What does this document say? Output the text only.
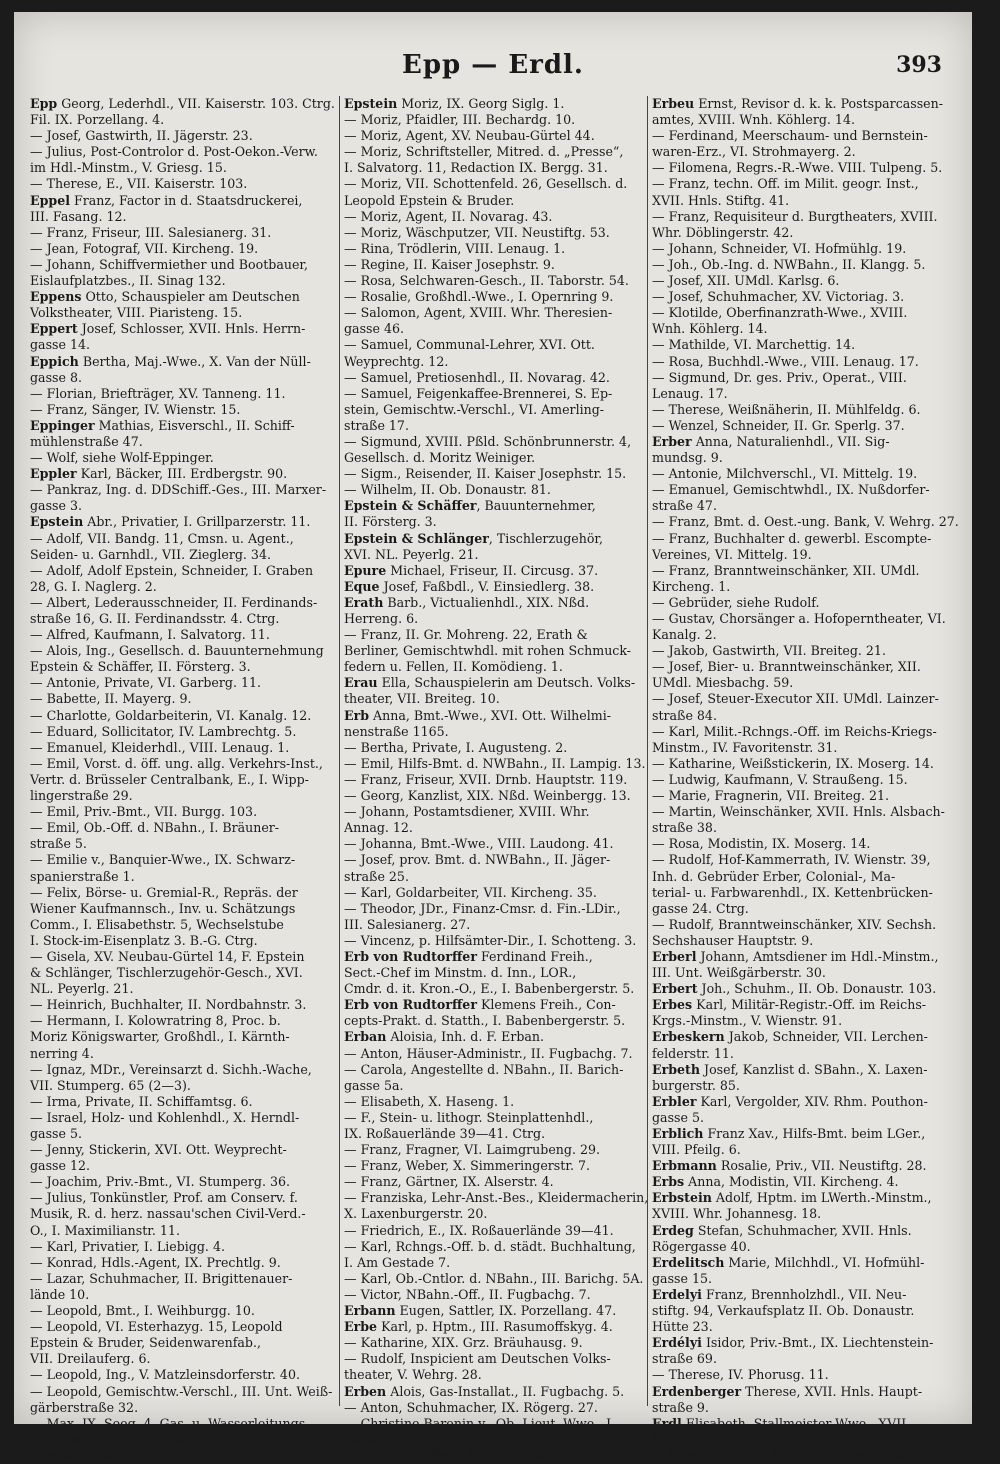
Epp — Erdl.	393
Epp Georg, Lederhdl., VII. Kaiserstr. 103. Ctrg.
Fil. IX. Porzellang. 4.
— Josef, Gastwirth, II. Jägerstr. 23.
— Julius, Post-Controlor d. Post-Oekon.-Verw.
im Hdl.-Minstm., V. Griesg. 15.
— Therese, E., VII. Kaiserstr. 103.
Eppel Franz, Factor in d. Staatsdruckerei,
III. Fasang. 12.
— Franz, Friseur, III. Salesianerg. 31.
— Jean, Fotograf, VII. Kircheng. 19.
— Johann, Schiffvermiether und Bootbauer,
Eislaufplatzbes., II. Sinag 132.
Eppens Otto, Schauspieler am Deutschen
Volkstheater, VIII. Piaristeng. 15.
Eppert Josef, Schlosser, XVII. Hnls. Herrn-
gasse 14.
Eppich Bertha, Maj.-Wwe., X. Van der Nüll-
gasse 8.
— Florian, Briefträger, XV. Tanneng. 11.
— Franz, Sänger, IV. Wienstr. 15.
Eppinger Mathias, Eisverschl., II. Schiff-
mühlenstraße 47.
— Wolf, siehe Wolf-Eppinger.
Eppler Karl, Bäcker, III. Erdbergstr. 90.
— Pankraz, Ing. d. DDSchiff.-Ges., III. Marxer-
gasse 3.
Epstein Abr., Privatier, I. Grillparzerstr. 11.
— Adolf, VII. Bandg. 11, Cmsn. u. Agent.,
Seiden- u. Garnhdl., VII. Zieglerg. 34.
— Adolf, Adolf Epstein, Schneider, I. Graben
28, G. I. Naglerg. 2.
— Albert, Lederausschneider, II. Ferdinands-
straße 16, G. II. Ferdinandsstr. 4. Ctrg.
— Alfred, Kaufmann, I. Salvatorg. 11.
— Alois, Ing., Gesellsch. d. Bauunternehmung
Epstein & Schäffer, II. Försterg. 3.
— Antonie, Private, VI. Garberg. 11.
— Babette, II. Mayerg. 9.
— Charlotte, Goldarbeiterin, VI. Kanalg. 12.
— Eduard, Sollicitator, IV. Lambrechtg. 5.
— Emanuel, Kleiderhdl., VIII. Lenaug. 1.
— Emil, Vorst. d. öff. ung. allg. Verkehrs-Inst.,
Vertr. d. Brüsseler Centralbank, E., I. Wipp-
lingerstraße 29.
— Emil, Priv.-Bmt., VII. Burgg. 103.
— Emil, Ob.-Off. d. NBahn., I. Bräuner-
straße 5.
— Emilie v., Banquier-Wwe., IX. Schwarz-
spanierstraße 1.
— Felix, Börse- u. Gremial-R., Repräs. der
Wiener Kaufmannsch., Inv. u. Schätzungs
Comm., I. Elisabethstr. 5, Wechselstube
I. Stock-im-Eisenplatz 3. B.-G. Ctrg.
— Gisela, XV. Neubau-Gürtel 14, F. Epstein
& Schlänger, Tischlerzugehör-Gesch., XVI.
NL. Peyerlg. 21.
— Heinrich, Buchhalter, II. Nordbahnstr. 3.
— Hermann, I. Kolowratring 8, Proc. b.
Moriz Königswarter, Großhdl., I. Kärnth-
nerring 4.
— Ignaz, MDr., Vereinsarzt d. Sichh.-Wache,
VII. Stumperg. 65 (2—3).
— Irma, Private, II. Schiffamtsg. 6.
— Israel, Holz- und Kohlenhdl., X. Herndl-
gasse 5.
— Jenny, Stickerin, XVI. Ott. Weyprecht-
gasse 12.
— Joachim, Priv.-Bmt., VI. Stumperg. 36.
— Julius, Tonkünstler, Prof. am Conserv. f.
Musik, R. d. herz. nassau'schen Civil-Verd.-
O., I. Maximilianstr. 11.
— Karl, Privatier, I. Liebigg. 4.
— Konrad, Hdls.-Agent, IX. Prechtlg. 9.
— Lazar, Schuhmacher, II. Brigittenauer-
lände 10.
— Leopold, Bmt., I. Weihburgg. 10.
— Leopold, VI. Esterhazyg. 15, Leopold
Epstein & Bruder, Seidenwarenfab.,
VII. Dreilauferg. 6.
— Leopold, Ing., V. Matzleinsdorferstr. 40.
— Leopold, Gemischtw.-Verschl., III. Unt. Weiß-
gärberstraße 32.
— Max, IX. Seeg. 4, Gas- u. Wasserleitungs-
Installateur, IX. Türkenstr. 4.
— Max, Tapezirer, II. Mayerg. 6.
Epstein Moriz, IX. Georg Siglg. 1.
— Moriz, Pfaidler, III. Bechardg. 10.
— Moriz, Agent, XV. Neubau-Gürtel 44.
— Moriz, Schriftsteller, Mitred. d. „Presse“,
I. Salvatorg. 11, Redaction IX. Bergg. 31.
— Moriz, VII. Schottenfeld. 26, Gesellsch. d.
Leopold Epstein & Bruder.
— Moriz, Agent, II. Novarag. 43.
— Moriz, Wäschputzer, VII. Neustiftg. 53.
— Rina, Trödlerin, VIII. Lenaug. 1.
— Regine, II. Kaiser Josephstr. 9.
— Rosa, Selchwaren-Gesch., II. Taborstr. 54.
— Rosalie, Großhdl.-Wwe., I. Opernring 9.
— Salomon, Agent, XVIII. Whr. Theresien-
gasse 46.
— Samuel, Communal-Lehrer, XVI. Ott.
Weyprechtg. 12.
— Samuel, Pretiosenhdl., II. Novarag. 42.
— Samuel, Feigenkaffee-Brennerei, S. Ep-
stein, Gemischtw.-Verschl., VI. Amerling-
straße 17.
— Sigmund, XVIII. Pßld. Schönbrunnerstr. 4,
Gesellsch. d. Moritz Weiniger.
— Sigm., Reisender, II. Kaiser Josephstr. 15.
— Wilhelm, II. Ob. Donaustr. 81.
Epstein & Schäffer, Bauunternehmer,
II. Försterg. 3.
Epstein & Schlänger, Tischlerzugehör,
XVI. NL. Peyerlg. 21.
Epure Michael, Friseur, II. Circusg. 37.
Eque Josef, Faßbdl., V. Einsiedlerg. 38.
Erath Barb., Victualienhdl., XIX. Nßd.
Herreng. 6.
— Franz, II. Gr. Mohreng. 22, Erath &
Berliner, Gemischtwhdl. mit rohen Schmuck-
federn u. Fellen, II. Komödieng. 1.
Erau Ella, Schauspielerin am Deutsch. Volks-
theater, VII. Breiteg. 10.
Erb Anna, Bmt.-Wwe., XVI. Ott. Wilhelmi-
nenstraße 1165.
— Bertha, Private, I. Augusteng. 2.
— Emil, Hilfs-Bmt. d. NWBahn., II. Lampig. 13.
— Franz, Friseur, XVII. Drnb. Hauptstr. 119.
— Georg, Kanzlist, XIX. Nßd. Weinbergg. 13.
— Johann, Postamtsdiener, XVIII. Whr.
Annag. 12.
— Johanna, Bmt.-Wwe., VIII. Laudong. 41.
— Josef, prov. Bmt. d. NWBahn., II. Jäger-
straße 25.
— Karl, Goldarbeiter, VII. Kircheng. 35.
— Theodor, JDr., Finanz-Cmsr. d. Fin.-LDir.,
III. Salesianerg. 27.
— Vincenz, p. Hilfsämter-Dir., I. Schotteng. 3.
Erb von Rudtorffer Ferdinand Freih.,
Sect.-Chef im Minstm. d. Inn., LOR.,
Cmdr. d. it. Kron.-O., E., I. Babenbergerstr. 5.
Erb von Rudtorffer Klemens Freih., Con-
cepts-Prakt. d. Statth., I. Babenbergerstr. 5.
Erban Aloisia, Inh. d. F. Erban.
— Anton, Häuser-Administr., II. Fugbachg. 7.
— Carola, Angestellte d. NBahn., II. Barich-
gasse 5a.
— Elisabeth, X. Haseng. 1.
— F., Stein- u. lithogr. Steinplattenhdl.,
IX. Roßauerlände 39—41. Ctrg.
— Franz, Fragner, VI. Laimgrubeng. 29.
— Franz, Weber, X. Simmeringerstr. 7.
— Franz, Gärtner, IX. Alserstr. 4.
— Franziska, Lehr-Anst.-Bes., Kleidermacherin,
X. Laxenburgerstr. 20.
— Friedrich, E., IX. Roßauerlände 39—41.
— Karl, Rchngs.-Off. b. d. städt. Buchhaltung,
I. Am Gestade 7.
— Karl, Ob.-Cntlor. d. NBahn., III. Barichg. 5A.
— Victor, NBahn.-Off., II. Fugbachg. 7.
Erbann Eugen, Sattler, IX. Porzellang. 47.
Erbe Karl, p. Hptm., III. Rasumoffskyg. 4.
— Katharine, XIX. Grz. Bräuhausg. 9.
— Rudolf, Inspicient am Deutschen Volks-
theater, V. Wehrg. 28.
Erben Alois, Gas-Installat., II. Fugbachg. 5.
— Anton, Schuhmacher, IX. Rögerg. 27.
— Christine Baronin v., Ob.-Lieut.-Wwe., I.
Weihburgg. 5.
— Emil, Priv.-Bmt., VII. Myrtheng. 16.
Erbeu Ernst, Revisor d. k. k. Postsparcassen-
amtes, XVIII. Wnh. Köhlerg. 14.
— Ferdinand, Meerschaum- und Bernstein-
waren-Erz., VI. Strohmayerg. 2.
— Filomena, Regrs.-R.-Wwe. VIII. Tulpeng. 5.
— Franz, techn. Off. im Milit. geogr. Inst.,
XVII. Hnls. Stiftg. 41.
— Franz, Requisiteur d. Burgtheaters, XVIII.
Whr. Döblingerstr. 42.
— Johann, Schneider, VI. Hofmühlg. 19.
— Joh., Ob.-Ing. d. NWBahn., II. Klangg. 5.
— Josef, XII. UMdl. Karlsg. 6.
— Josef, Schuhmacher, XV. Victoriag. 3.
— Klotilde, Oberfinanzrath-Wwe., XVIII.
Wnh. Köhlerg. 14.
— Mathilde, VI. Marchettig. 14.
— Rosa, Buchhdl.-Wwe., VIII. Lenaug. 17.
— Sigmund, Dr. ges. Priv., Operat., VIII.
Lenaug. 17.
— Therese, Weißnäherin, II. Mühlfeldg. 6.
— Wenzel, Schneider, II. Gr. Sperlg. 37.
Erber Anna, Naturalienhdl., VII. Sig-
mundsg. 9.
— Antonie, Milchverschl., VI. Mittelg. 19.
— Emanuel, Gemischtwhdl., IX. Nußdorfer-
straße 47.
— Franz, Bmt. d. Oest.-ung. Bank, V. Wehrg. 27.
— Franz, Buchhalter d. gewerbl. Escompte-
Vereines, VI. Mittelg. 19.
— Franz, Branntweinschänker, XII. UMdl.
Kircheng. 1.
— Gebrüder, siehe Rudolf.
— Gustav, Chorsänger a. Hofoperntheater, VI.
Kanalg. 2.
— Jakob, Gastwirth, VII. Breiteg. 21.
— Josef, Bier- u. Branntweinschänker, XII.
UMdl. Miesbachg. 59.
— Josef, Steuer-Executor XII. UMdl. Lainzer-
straße 84.
— Karl, Milit.-Rchngs.-Off. im Reichs-Kriegs-
Minstm., IV. Favoritenstr. 31.
— Katharine, Weißstickerin, IX. Moserg. 14.
— Ludwig, Kaufmann, V. Straußeng. 15.
— Marie, Fragnerin, VII. Breiteg. 21.
— Martin, Weinschänker, XVII. Hnls. Alsbach-
straße 38.
— Rosa, Modistin, IX. Moserg. 14.
— Rudolf, Hof-Kammerrath, IV. Wienstr. 39,
Inh. d. Gebrüder Erber, Colonial-, Ma-
terial- u. Farbwarenhdl., IX. Kettenbrücken-
gasse 24. Ctrg.
— Rudolf, Branntweinschänker, XIV. Sechsh.
Sechshauser Hauptstr. 9.
Erberl Johann, Amtsdiener im Hdl.-Minstm.,
III. Unt. Weißgärberstr. 30.
Erbert Joh., Schuhm., II. Ob. Donaustr. 103.
Erbes Karl, Militär-Registr.-Off. im Reichs-
Krgs.-Minstm., V. Wienstr. 91.
Erbeskern Jakob, Schneider, VII. Lerchen-
felderstr. 11.
Erbeth Josef, Kanzlist d. SBahn., X. Laxen-
burgerstr. 85.
Erbler Karl, Vergolder, XIV. Rhm. Pouthon-
gasse 5.
Erblich Franz Xav., Hilfs-Bmt. beim LGer.,
VIII. Pfeilg. 6.
Erbmann Rosalie, Priv., VII. Neustiftg. 28.
Erbs Anna, Modistin, VII. Kircheng. 4.
Erbstein Adolf, Hptm. im LWerth.-Minstm.,
XVIII. Whr. Johannesg. 18.
Erdeg Stefan, Schuhmacher, XVII. Hnls.
Rögergasse 40.
Erdelitsch Marie, Milchhdl., VI. Hofmühl-
gasse 15.
Erdelyi Franz, Brennholzhdl., VII. Neu-
stiftg. 94, Verkaufsplatz II. Ob. Donaustr.
Hütte 23.
Erdélyi Isidor, Priv.-Bmt., IX. Liechtenstein-
straße 69.
— Therese, IV. Phorusg. 11.
Erdenberger Therese, XVII. Hnls. Haupt-
straße 9.
Erdl Elisabeth, Stallmeister-Wwe., XVII.
Hnls. Hauptstr. 101.
— Filipp, Gärtner, E., XI. Sim. Am Kanal 118.
